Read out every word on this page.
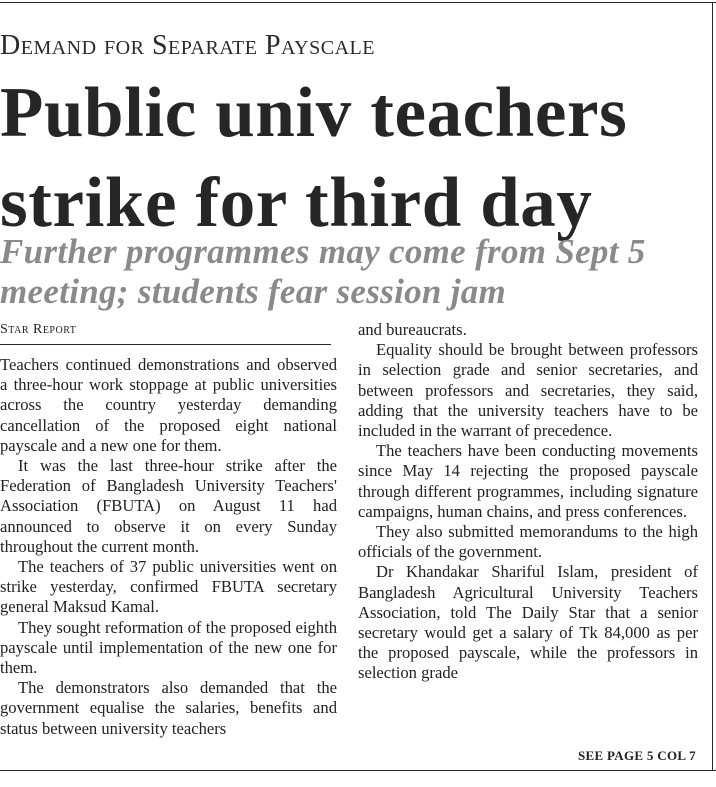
Demand for Separate Payscale
Public univ teachers
strike for third day
Further programmes may come from Sept 5
meeting; students fear session jam
Star Report

Teachers continued demonstrations and observed a three-hour work stoppage at public universities across the country yesterday demanding cancellation of the proposed eight national payscale and a new one for them.

It was the last three-hour strike after the Federation of Bangladesh University Teachers' Association (FBUTA) on August 11 had announced to observe it on every Sunday throughout the current month.

The teachers of 37 public universities went on strike yesterday, confirmed FBUTA secretary general Maksud Kamal.

They sought reformation of the proposed eighth payscale until implementation of the new one for them.

The demonstrators also demanded that the government equalise the salaries, benefits and status between university teachers

and bureaucrats.

Equality should be brought between professors in selection grade and senior secretaries, and between professors and secretaries, they said, adding that the university teachers have to be included in the warrant of precedence.

The teachers have been conducting movements since May 14 rejecting the proposed payscale through different programmes, including signature campaigns, human chains, and press conferences.

They also submitted memorandums to the high officials of the government.

Dr Khandakar Shariful Islam, president of Bangladesh Agricultural University Teachers Association, told The Daily Star that a senior secretary would get a salary of Tk 84,000 as per the proposed payscale, while the professors in selection grade

SEE PAGE 5 COL 7
